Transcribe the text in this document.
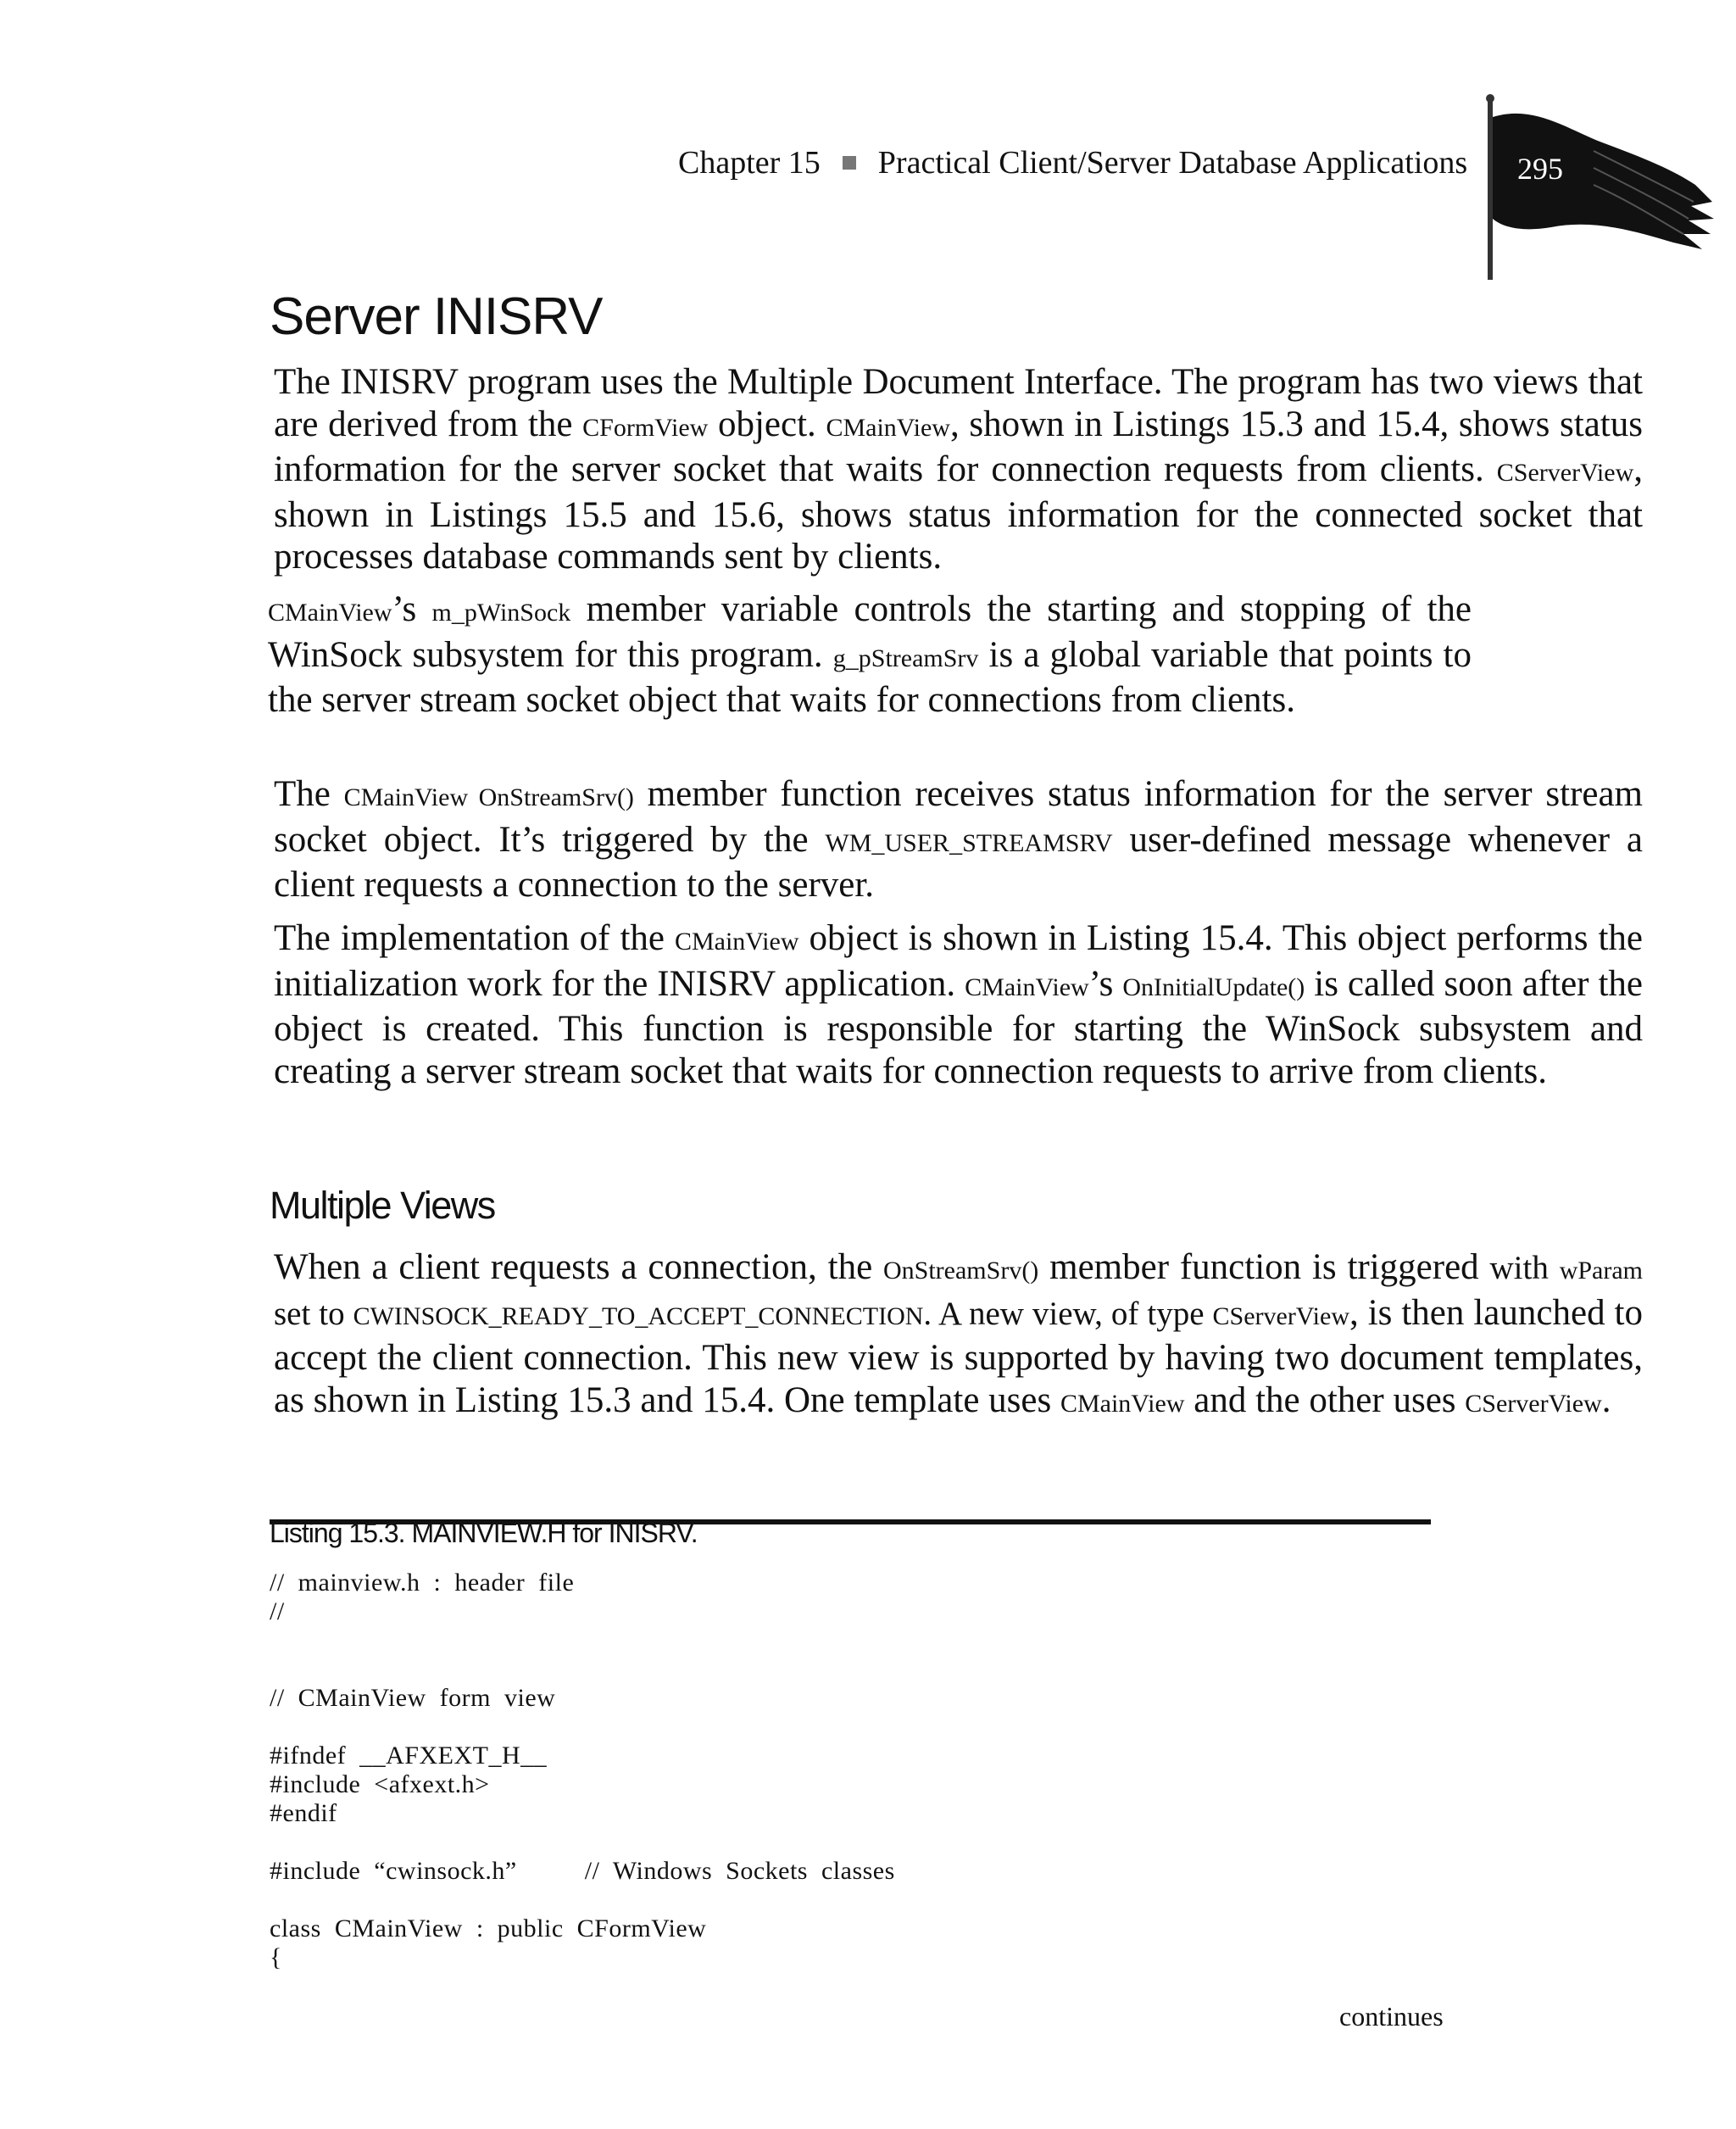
Chapter 15 Practical Client/Server Database Applications 295
Server INISRV
The INISRV program uses the Multiple Document Interface. The program has two views that are derived from the CFormView object. CMainView, shown in Listings 15.3 and 15.4, shows status information for the server socket that waits for connection requests from clients. CServerView, shown in Listings 15.5 and 15.6, shows status information for the connected socket that processes database commands sent by clients.
CMainView’s m_pWinSock member variable controls the starting and stopping of the WinSock subsystem for this program. g_pStreamSrv is a global variable that points to the server stream socket object that waits for connections from clients.
The CMainView OnStreamSrv() member function receives status information for the server stream socket object. It’s triggered by the WM_USER_STREAMSRV user-defined message whenever a client requests a connection to the server.
The implementation of the CMainView object is shown in Listing 15.4. This object performs the initialization work for the INISRV application. CMainView’s OnInitialUpdate() is called soon after the object is created. This function is responsible for starting the WinSock subsystem and creating a server stream socket that waits for connection requests to arrive from clients.
Multiple Views
When a client requests a connection, the OnStreamSrv() member function is triggered with wParam set to CWINSOCK_READY_TO_ACCEPT_CONNECTION. A new view, of type CServerView, is then launched to accept the client connection. This new view is supported by having two document templates, as shown in Listing 15.3 and 15.4. One template uses CMainView and the other uses CServerView.
Listing 15.3. MAINVIEW.H for INISRV.
// mainview.h : header file
//

// CMainView form view

#ifndef __AFXEXT_H__
#include <afxext.h>
#endif

#include “cwinsock.h”     // Windows Sockets classes

class CMainView : public CFormView
{
continues
